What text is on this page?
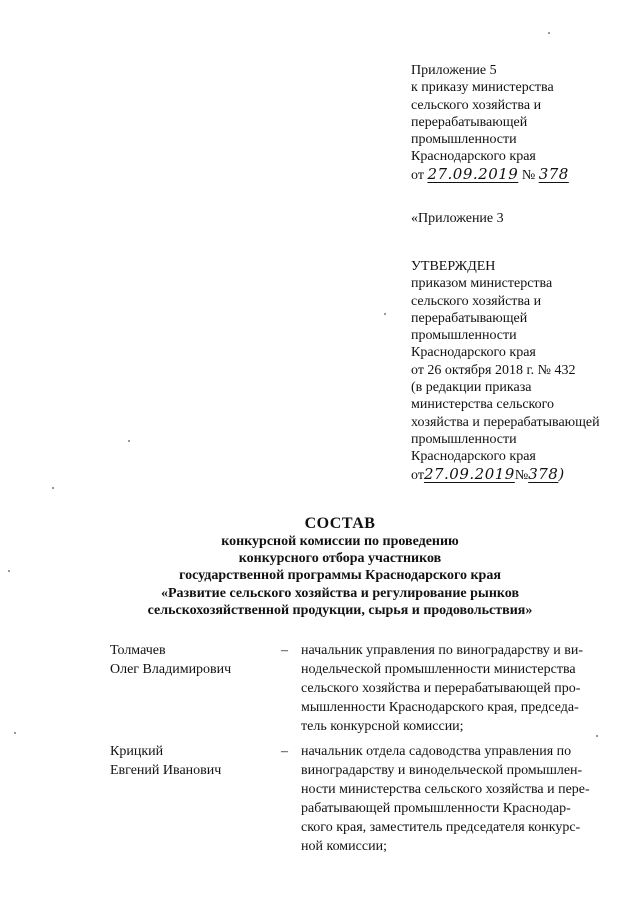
Приложение 5
к приказу министерства
сельского хозяйства и
перерабатывающей
промышленности
Краснодарского края
от 27.09.2019 № 378
«Приложение 3
УТВЕРЖДЕН
приказом министерства
сельского хозяйства и
перерабатывающей
промышленности
Краснодарского края
от 26 октября 2018 г. № 432
(в редакции приказа
министерства сельского
хозяйства и перерабатывающей
промышленности
Краснодарского края
от27.09.2019№378)
СОСТАВ
конкурсной комиссии по проведению
конкурсного отбора участников
государственной программы Краснодарского края
«Развитие сельского хозяйства и регулирование рынков
сельскохозяйственной продукции, сырья и продовольствия»
Толмачев
Олег Владимирович
– начальник управления по виноградарству и ви-
нодельческой промышленности министерства
сельского хозяйства и перерабатывающей про-
мышленности Краснодарского края, председа-
тель конкурсной комиссии;
Крицкий
Евгений Иванович
– начальник отдела садоводства управления по
виноградарству и винодельческой промышлен-
ности министерства сельского хозяйства и пере-
рабатывающей промышленности Краснодар-
ского края, заместитель председателя конкурс-
ной комиссии;
